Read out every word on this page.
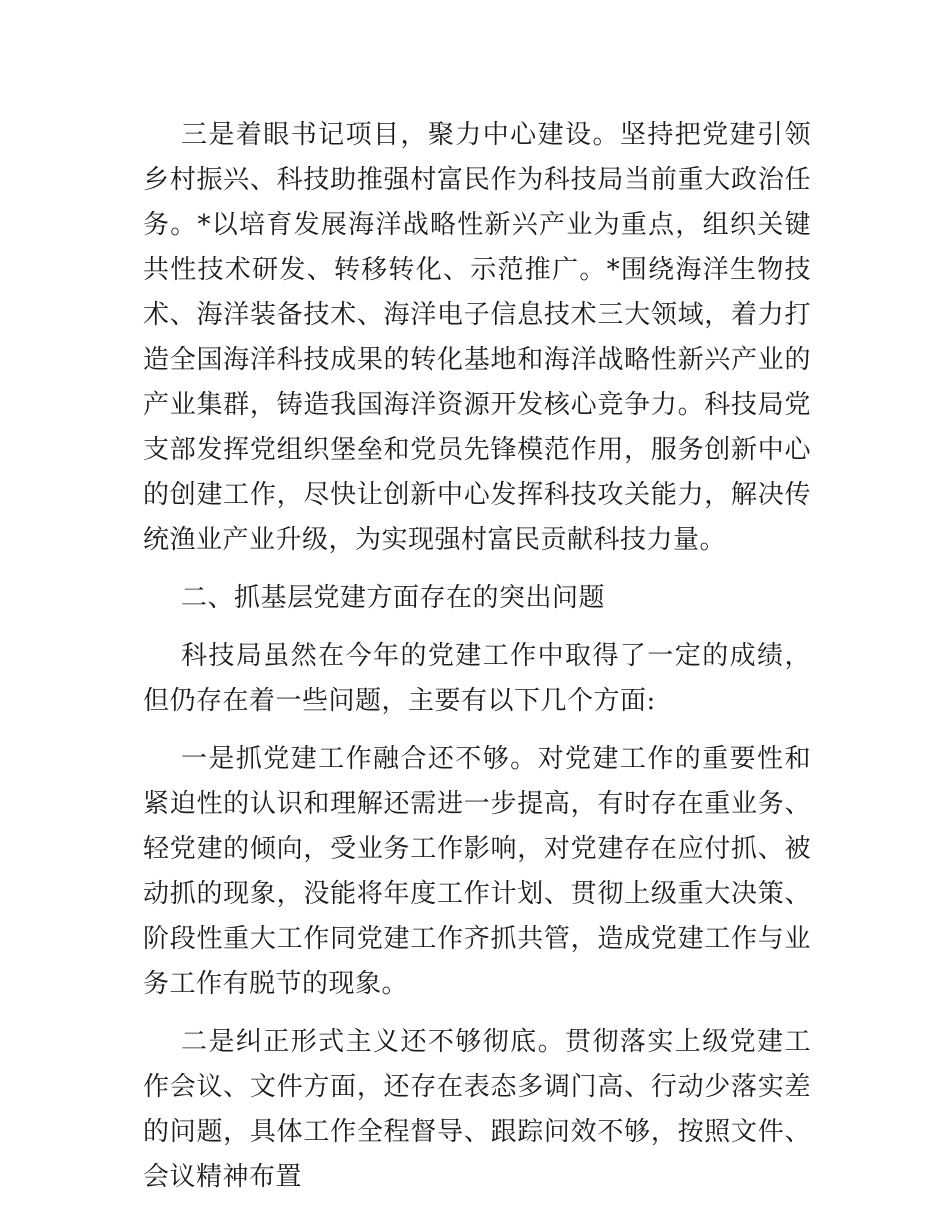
三是着眼书记项目，聚力中心建设。坚持把党建引领乡村振兴、科技助推强村富民作为科技局当前重大政治任务。*以培育发展海洋战略性新兴产业为重点，组织关键共性技术研发、转移转化、示范推广。*围绕海洋生物技术、海洋装备技术、海洋电子信息技术三大领域，着力打造全国海洋科技成果的转化基地和海洋战略性新兴产业的产业集群，铸造我国海洋资源开发核心竞争力。科技局党支部发挥党组织堡垒和党员先锋模范作用，服务创新中心的创建工作，尽快让创新中心发挥科技攻关能力，解决传统渔业产业升级，为实现强村富民贡献科技力量。

二、抓基层党建方面存在的突出问题

科技局虽然在今年的党建工作中取得了一定的成绩，但仍存在着一些问题，主要有以下几个方面:

一是抓党建工作融合还不够。对党建工作的重要性和紧迫性的认识和理解还需进一步提高，有时存在重业务、轻党建的倾向，受业务工作影响，对党建存在应付抓、被动抓的现象，没能将年度工作计划、贯彻上级重大决策、阶段性重大工作同党建工作齐抓共管，造成党建工作与业务工作有脱节的现象。

二是纠正形式主义还不够彻底。贯彻落实上级党建工作会议、文件方面，还存在表态多调门高、行动少落实差的问题，具体工作全程督导、跟踪问效不够，按照文件、会议精神布置
